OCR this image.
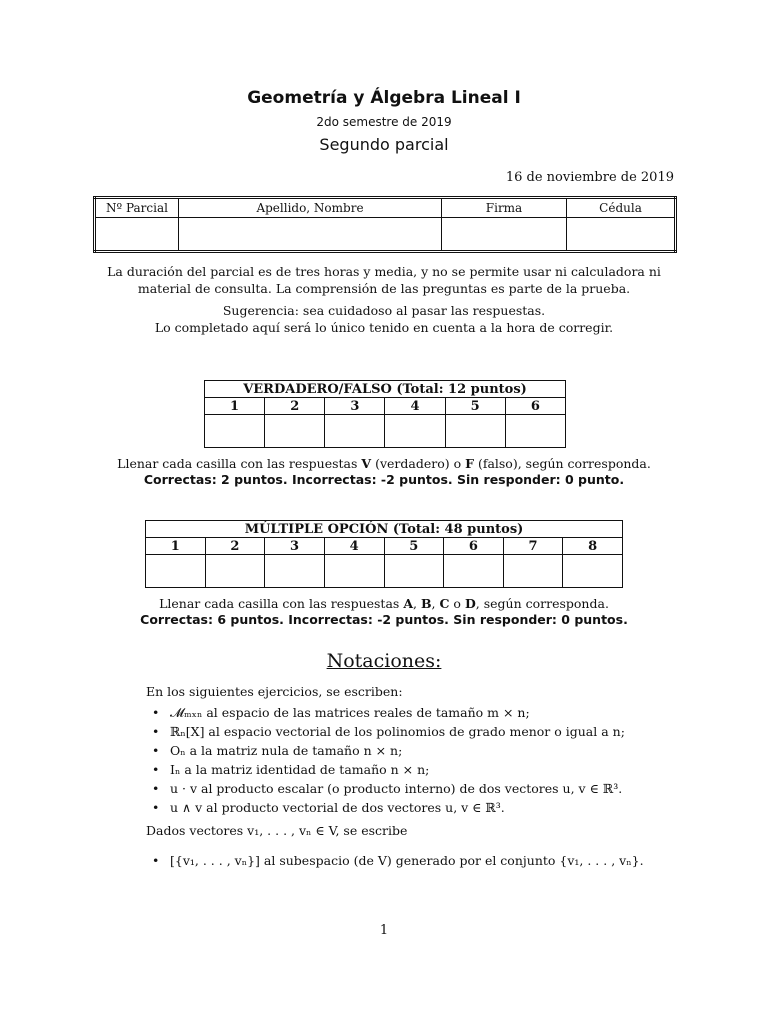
Geometría y Álgebra Lineal I
2do semestre de 2019
Segundo parcial
16 de noviembre de 2019
Nº Parcial	Apellido, Nombre	Firma	Cédula

La duración del parcial es de tres horas y media, y no se permite usar ni calculadora ni
material de consulta. La comprensión de las preguntas es parte de la prueba.
Sugerencia: sea cuidadoso al pasar las respuestas.
Lo completado aquí será lo único tenido en cuenta a la hora de corregir.
VERDADERO/FALSO (Total: 12 puntos)					
1	2	3	4	5	6

Llenar cada casilla con las respuestas V (verdadero) o F (falso), según corresponda.
Correctas: 2 puntos. Incorrectas: -2 puntos. Sin responder: 0 punto.
MÚLTIPLE OPCIÓN (Total: 48 puntos)							
1	2	3	4	5	6	7	8

Llenar cada casilla con las respuestas A, B, C o D, según corresponda.
Correctas: 6 puntos. Incorrectas: -2 puntos. Sin responder: 0 puntos.
Notaciones:
En los siguientes ejercicios, se escriben:
• 𝓜ₘₓₙ al espacio de las matrices reales de tamaño m × n;
• ℝₙ[X] al espacio vectorial de los polinomios de grado menor o igual a n;
• Oₙ a la matriz nula de tamaño n × n;
• Iₙ a la matriz identidad de tamaño n × n;
• u · v al producto escalar (o producto interno) de dos vectores u, v ∈ ℝ³.
• u ∧ v al producto vectorial de dos vectores u, v ∈ ℝ³.
Dados vectores v₁, . . . , vₙ ∈ V, se escribe
• [{v₁, . . . , vₙ}] al subespacio (de V) generado por el conjunto {v₁, . . . , vₙ}.
1
